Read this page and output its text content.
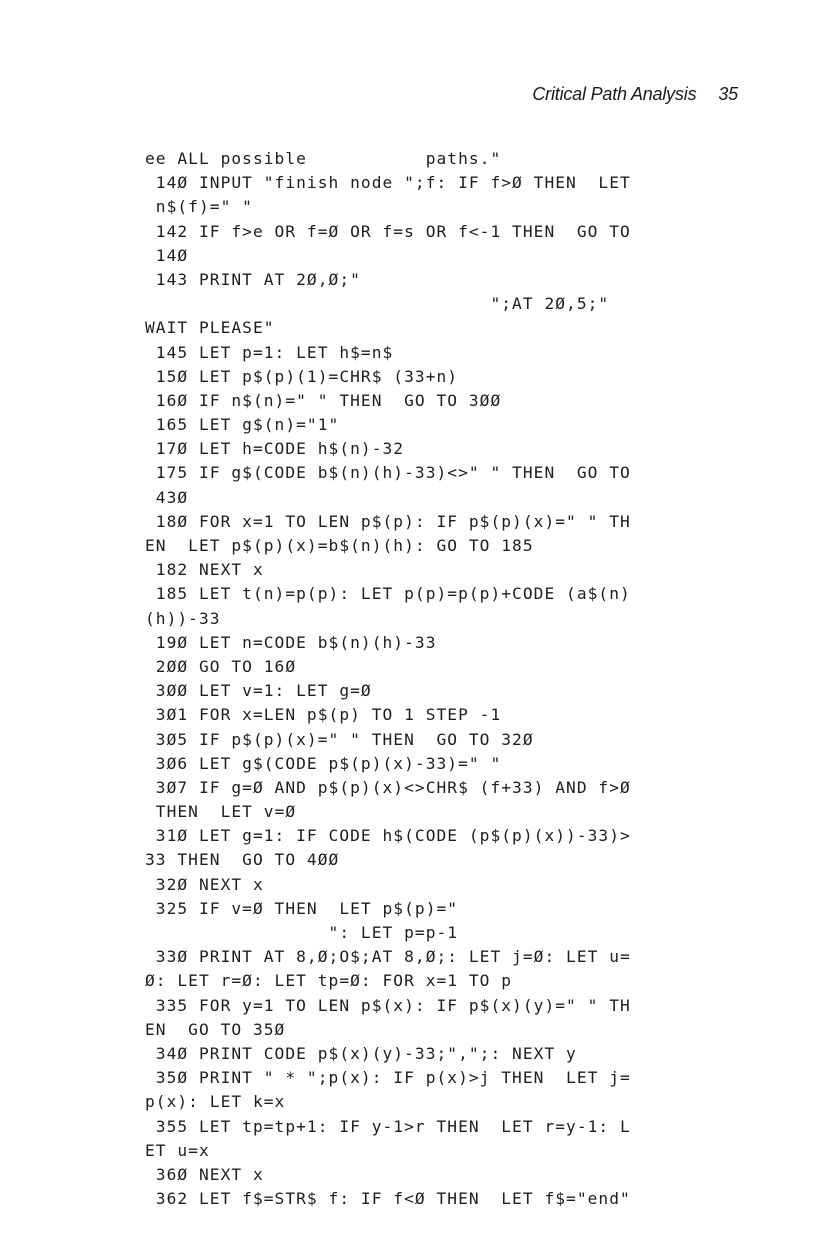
Critical Path Analysis 35
ee ALL possible           paths."
14Ø INPUT "finish node ";f: IF f>Ø THEN  LET
n$(f)=" "
142 IF f>e OR f=Ø OR f=s OR f<-1 THEN  GO TO
14Ø
143 PRINT AT 2Ø,Ø;"
";AT 2Ø,5;"
WAIT PLEASE"
145 LET p=1: LET h$=n$
15Ø LET p$(p)(1)=CHR$ (33+n)
16Ø IF n$(n)=" " THEN  GO TO 3ØØ
165 LET g$(n)="1"
17Ø LET h=CODE h$(n)-32
175 IF g$(CODE b$(n)(h)-33)<>" " THEN  GO TO
43Ø
18Ø FOR x=1 TO LEN p$(p): IF p$(p)(x)=" " TH
EN  LET p$(p)(x)=b$(n)(h): GO TO 185
182 NEXT x
185 LET t(n)=p(p): LET p(p)=p(p)+CODE (a$(n)
(h))-33
19Ø LET n=CODE b$(n)(h)-33
2ØØ GO TO 16Ø
3ØØ LET v=1: LET g=Ø
3Ø1 FOR x=LEN p$(p) TO 1 STEP -1
3Ø5 IF p$(p)(x)=" " THEN  GO TO 32Ø
3Ø6 LET g$(CODE p$(p)(x)-33)=" "
3Ø7 IF g=Ø AND p$(p)(x)<>CHR$ (f+33) AND f>Ø
THEN  LET v=Ø
31Ø LET g=1: IF CODE h$(CODE (p$(p)(x))-33)>
33 THEN  GO TO 4ØØ
32Ø NEXT x
325 IF v=Ø THEN  LET p$(p)="
": LET p=p-1
33Ø PRINT AT 8,Ø;O$;AT 8,Ø;: LET j=Ø: LET u=
Ø: LET r=Ø: LET tp=Ø: FOR x=1 TO p
335 FOR y=1 TO LEN p$(x): IF p$(x)(y)=" " TH
EN  GO TO 35Ø
34Ø PRINT CODE p$(x)(y)-33;",";: NEXT y
35Ø PRINT " * ";p(x): IF p(x)>j THEN  LET j=
p(x): LET k=x
355 LET tp=tp+1: IF y-1>r THEN  LET r=y-1: L
ET u=x
36Ø NEXT x
362 LET f$=STR$ f: IF f<Ø THEN  LET f$="end"
